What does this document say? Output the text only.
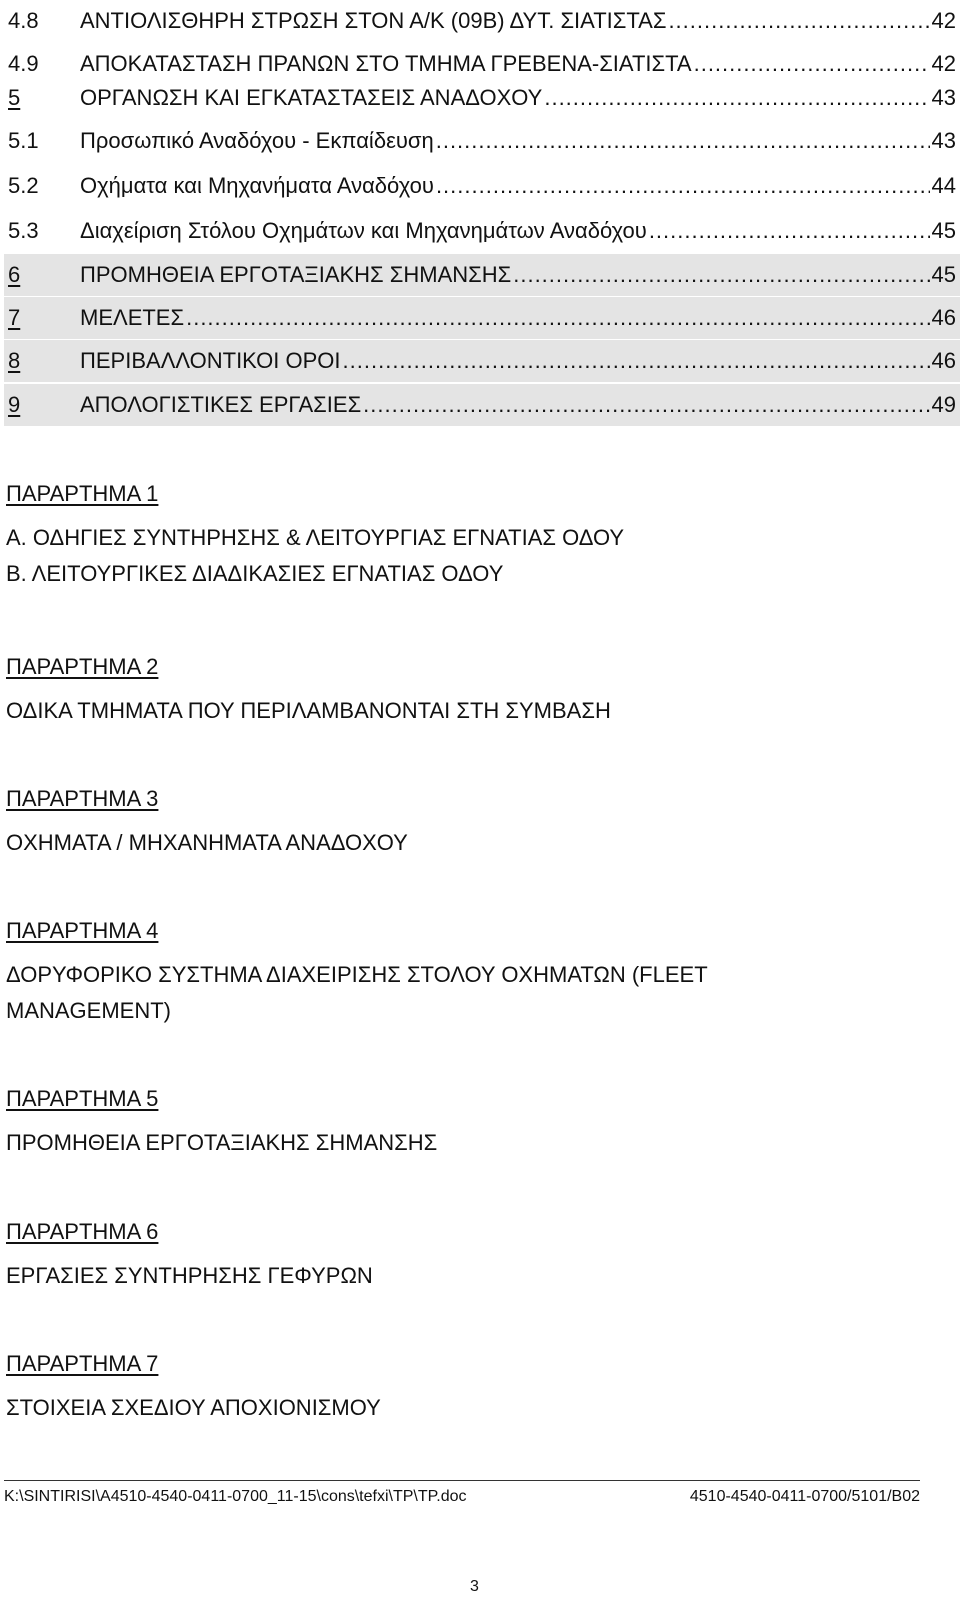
4.8	ΑΝΤΙΟΛΙΣΘΗΡΗ ΣΤΡΩΣΗ ΣΤΟΝ Α/Κ (09Β) ΔΥΤ. ΣΙΑΤΙΣΤΑΣ .....	42
4.9	ΑΠΟΚΑΤΑΣΤΑΣΗ ΠΡΑΝΩΝ ΣΤΟ ΤΜΗΜΑ ΓΡΕΒΕΝΑ-ΣΙΑΤΙΣΤΑ .....	42
5	ΟΡΓΑΝΩΣΗ ΚΑΙ ΕΓΚΑΤΑΣΤΑΣΕΙΣ ΑΝΑΔΟΧΟΥ .....	43
5.1	Προσωπικό Αναδόχου - Εκπαίδευση .....	43
5.2	Οχήματα και Μηχανήματα Αναδόχου .....	44
5.3	Διαχείριση Στόλου Οχημάτων και Μηχανημάτων Αναδόχου .....	45
6	ΠΡΟΜΗΘΕΙΑ ΕΡΓΟΤΑΞΙΑΚΗΣ ΣΗΜΑΝΣΗΣ .....	45
7	ΜΕΛΕΤΕΣ .....	46
8	ΠΕΡΙΒΑΛΛΟΝΤΙΚΟΙ ΟΡΟΙ .....	46
9	ΑΠΟΛΟΓΙΣΤΙΚΕΣ ΕΡΓΑΣΙΕΣ .....	49
ΠΑΡΑΡΤΗΜΑ 1
Α. ΟΔΗΓΙΕΣ ΣΥΝΤΗΡΗΣΗΣ & ΛΕΙΤΟΥΡΓΙΑΣ ΕΓΝΑΤΙΑΣ ΟΔΟΥ
Β. ΛΕΙΤΟΥΡΓΙΚΕΣ ΔΙΑΔΙΚΑΣΙΕΣ ΕΓΝΑΤΙΑΣ ΟΔΟΥ
ΠΑΡΑΡΤΗΜΑ 2
ΟΔΙΚΑ ΤΜΗΜΑΤΑ ΠΟΥ ΠΕΡΙΛΑΜΒΑΝΟΝΤΑΙ ΣΤΗ ΣΥΜΒΑΣΗ
ΠΑΡΑΡΤΗΜΑ 3
ΟΧΗΜΑΤΑ / ΜΗΧΑΝΗΜΑΤΑ ΑΝΑΔΟΧΟΥ
ΠΑΡΑΡΤΗΜΑ 4
ΔΟΡΥΦΟΡΙΚΟ ΣΥΣΤΗΜΑ ΔΙΑΧΕΙΡΙΣΗΣ ΣΤΟΛΟΥ ΟΧΗΜΑΤΩΝ (FLEET
MANAGEMENT)
ΠΑΡΑΡΤΗΜΑ 5
ΠΡΟΜΗΘΕΙΑ ΕΡΓΟΤΑΞΙΑΚΗΣ ΣΗΜΑΝΣΗΣ
ΠΑΡΑΡΤΗΜΑ 6
ΕΡΓΑΣΙΕΣ ΣΥΝΤΗΡΗΣΗΣ ΓΕΦΥΡΩΝ
ΠΑΡΑΡΤΗΜΑ 7
ΣΤΟΙΧΕΙΑ ΣΧΕΔΙΟΥ ΑΠΟΧΙΟΝΙΣΜΟΥ
K:\SINTIRISI\A4510-4540-0411-0700_11-15\cons\tefxi\TP\TP.doc	4510-4540-0411-0700/5101/B02
3
